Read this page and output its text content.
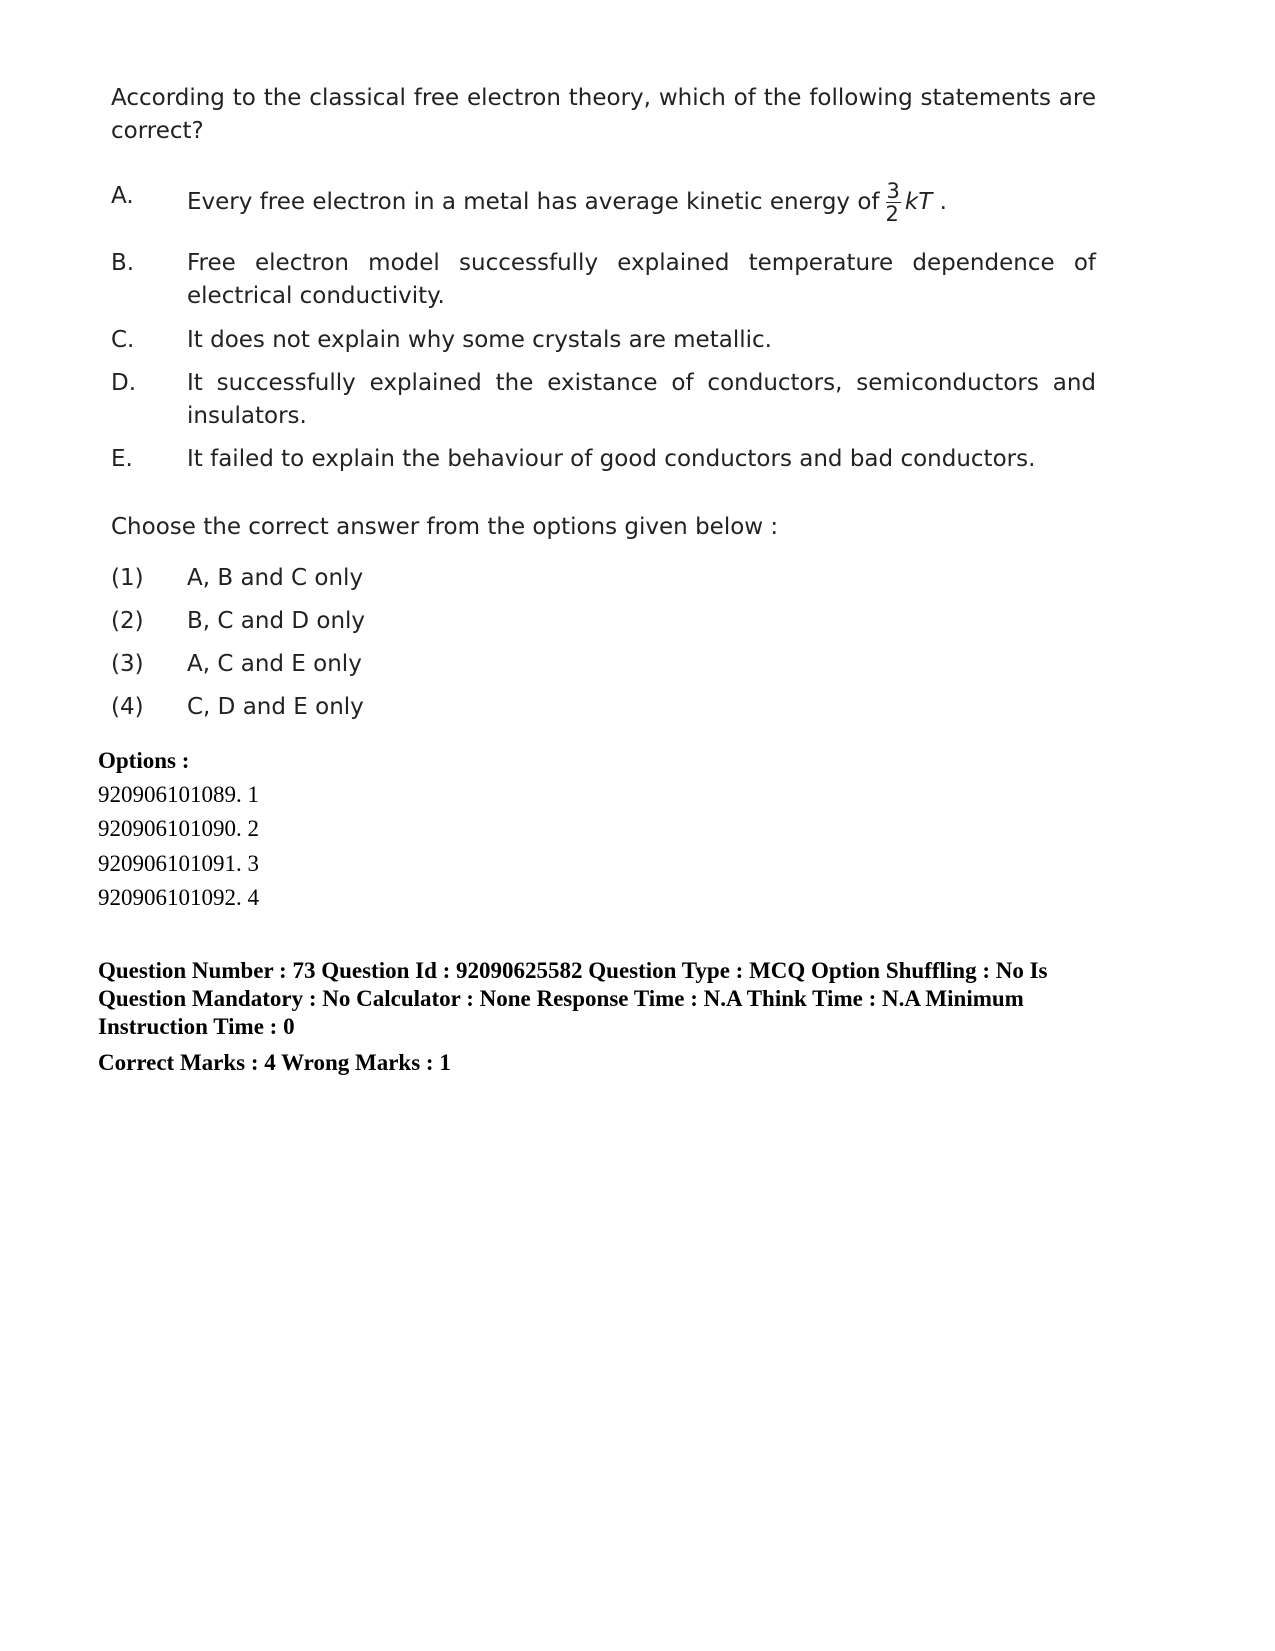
According to the classical free electron theory, which of the following statements are correct?

A. Every free electron in a metal has average kinetic energy of $\frac{3}{2}$ kT .
B. Free electron model successfully explained temperature dependence of electrical conductivity.
C. It does not explain why some crystals are metallic.
D. It successfully explained the existance of conductors, semiconductors and insulators.
E. It failed to explain the behaviour of good conductors and bad conductors.
Choose the correct answer from the options given below :
(1) A, B and C only
(2) B, C and D only
(3) A, C and E only
(4) C, D and E only
Options :
920906101089. 1
920906101090. 2
920906101091. 3
920906101092. 4
Question Number : 73 Question Id : 92090625582 Question Type : MCQ Option Shuffling : No Is
Question Mandatory : No Calculator : None Response Time : N.A Think Time : N.A Minimum
Instruction Time : 0
Correct Marks : 4 Wrong Marks : 1
